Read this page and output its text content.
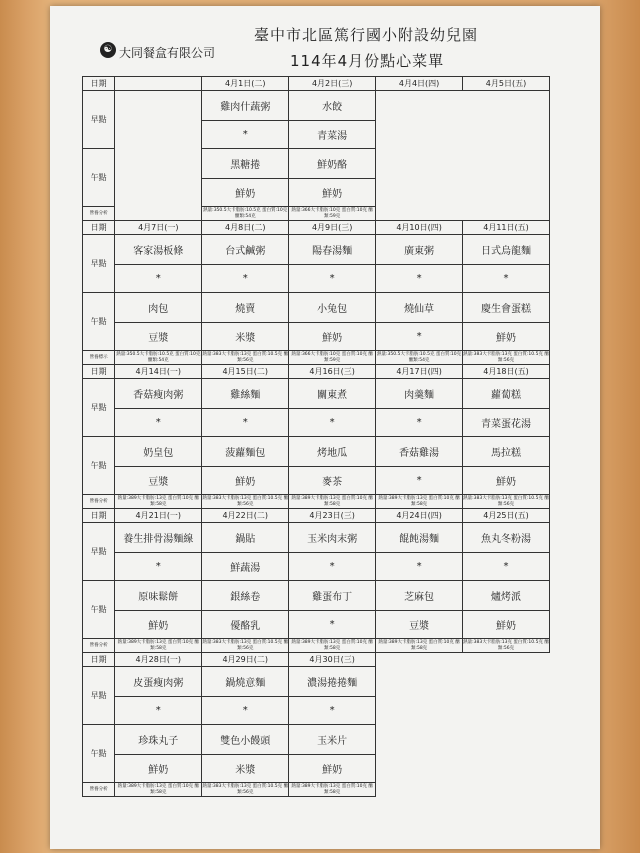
☯ 大同餐盒有限公司
臺中市北區篤行國小附設幼兒園
114年4月份點心菜單
日期		4月1日(二)	4月2日(三)	4月4日(四)	4月5日(五)
早點		雞肉什蔬粥	水餃		
		*	青菜湯		
午點		黑糖捲	鮮奶酪		
		鮮奶	鮮奶		
營養分析		熱量:350.5大卡脂肪:10.5克 蛋白質:10克 醣類:54克	熱量:366大卡脂肪:10克 蛋白質:10克 醣類:59克		
日期	4月7日(一)	4月8日(二)	4月9日(三)	4月10日(四)	4月11日(五)
早點	客家湯板條	台式鹹粥	陽春湯麵	廣東粥	日式烏龍麵
	*	*	*	*	*
午點	肉包	燒賣	小兔包	燒仙草	慶生會蛋糕
	豆漿	米漿	鮮奶	*	鮮奶
營養標示	熱量:350.5大卡脂肪:10.5克 蛋白質:10克 醣類:54克	熱量:383大卡脂肪:13克 蛋白質:10.5克 醣類:56克	熱量:366大卡脂肪:10克 蛋白質:10克 醣類:59克	熱量:350.5大卡脂肪:10.5克 蛋白質:10克 醣類:54克	熱量:383大卡脂肪:13克 蛋白質:10.5克 醣類:56克
日期	4月14日(一)	4月15日(二)	4月16日(三)	4月17日(四)	4月18日(五)
早點	香菇瘦肉粥	雞絲麵	關東煮	肉羹麵	蘿蔔糕
	*	*	*	*	青菜蛋花湯
午點	奶皇包	菠蘿麵包	烤地瓜	香菇雞湯	馬拉糕
	豆漿	鮮奶	麥茶	*	鮮奶
營養分析	熱量:389大卡脂肪:13克 蛋白質:10克 醣類:58克	熱量:383大卡脂肪:13克 蛋白質:10.5克 醣類:56克	熱量:389大卡脂肪:13克 蛋白質:10克 醣類:58克	熱量:389大卡脂肪:13克 蛋白質:10克 醣類:58克	熱量:383大卡脂肪:13克 蛋白質:10.5克 醣類:56克
日期	4月21日(一)	4月22日(二)	4月23日(三)	4月24日(四)	4月25日(五)
早點	養生排骨湯麵線	鍋貼	玉米肉末粥	餛飩湯麵	魚丸冬粉湯
	*	鮮蔬湯	*	*	*
午點	原味鬆餅	銀絲卷	雞蛋布丁	芝麻包	爐烤派
	鮮奶	優酪乳	*	豆漿	鮮奶
營養分析	熱量:389大卡脂肪:13克 蛋白質:10克 醣類:58克	熱量:383大卡脂肪:13克 蛋白質:10.5克 醣類:56克	熱量:389大卡脂肪:13克 蛋白質:10克 醣類:58克	熱量:389大卡脂肪:13克 蛋白質:10克 醣類:58克	熱量:383大卡脂肪:13克 蛋白質:10.5克 醣類:56克
日期	4月28日(一)	4月29日(二)	4月30日(三)		
早點	皮蛋瘦肉粥	鍋燒意麵	濃湯捲捲麵		
	*	*	*		
午點	珍珠丸子	雙色小饅頭	玉米片		
	鮮奶	米漿	鮮奶		
營養分析	熱量:389大卡脂肪:13克 蛋白質:10克 醣類:58克	熱量:383大卡脂肪:13克 蛋白質:10.5克 醣類:56克	熱量:389大卡脂肪:13克 蛋白質:10克 醣類:58克		
